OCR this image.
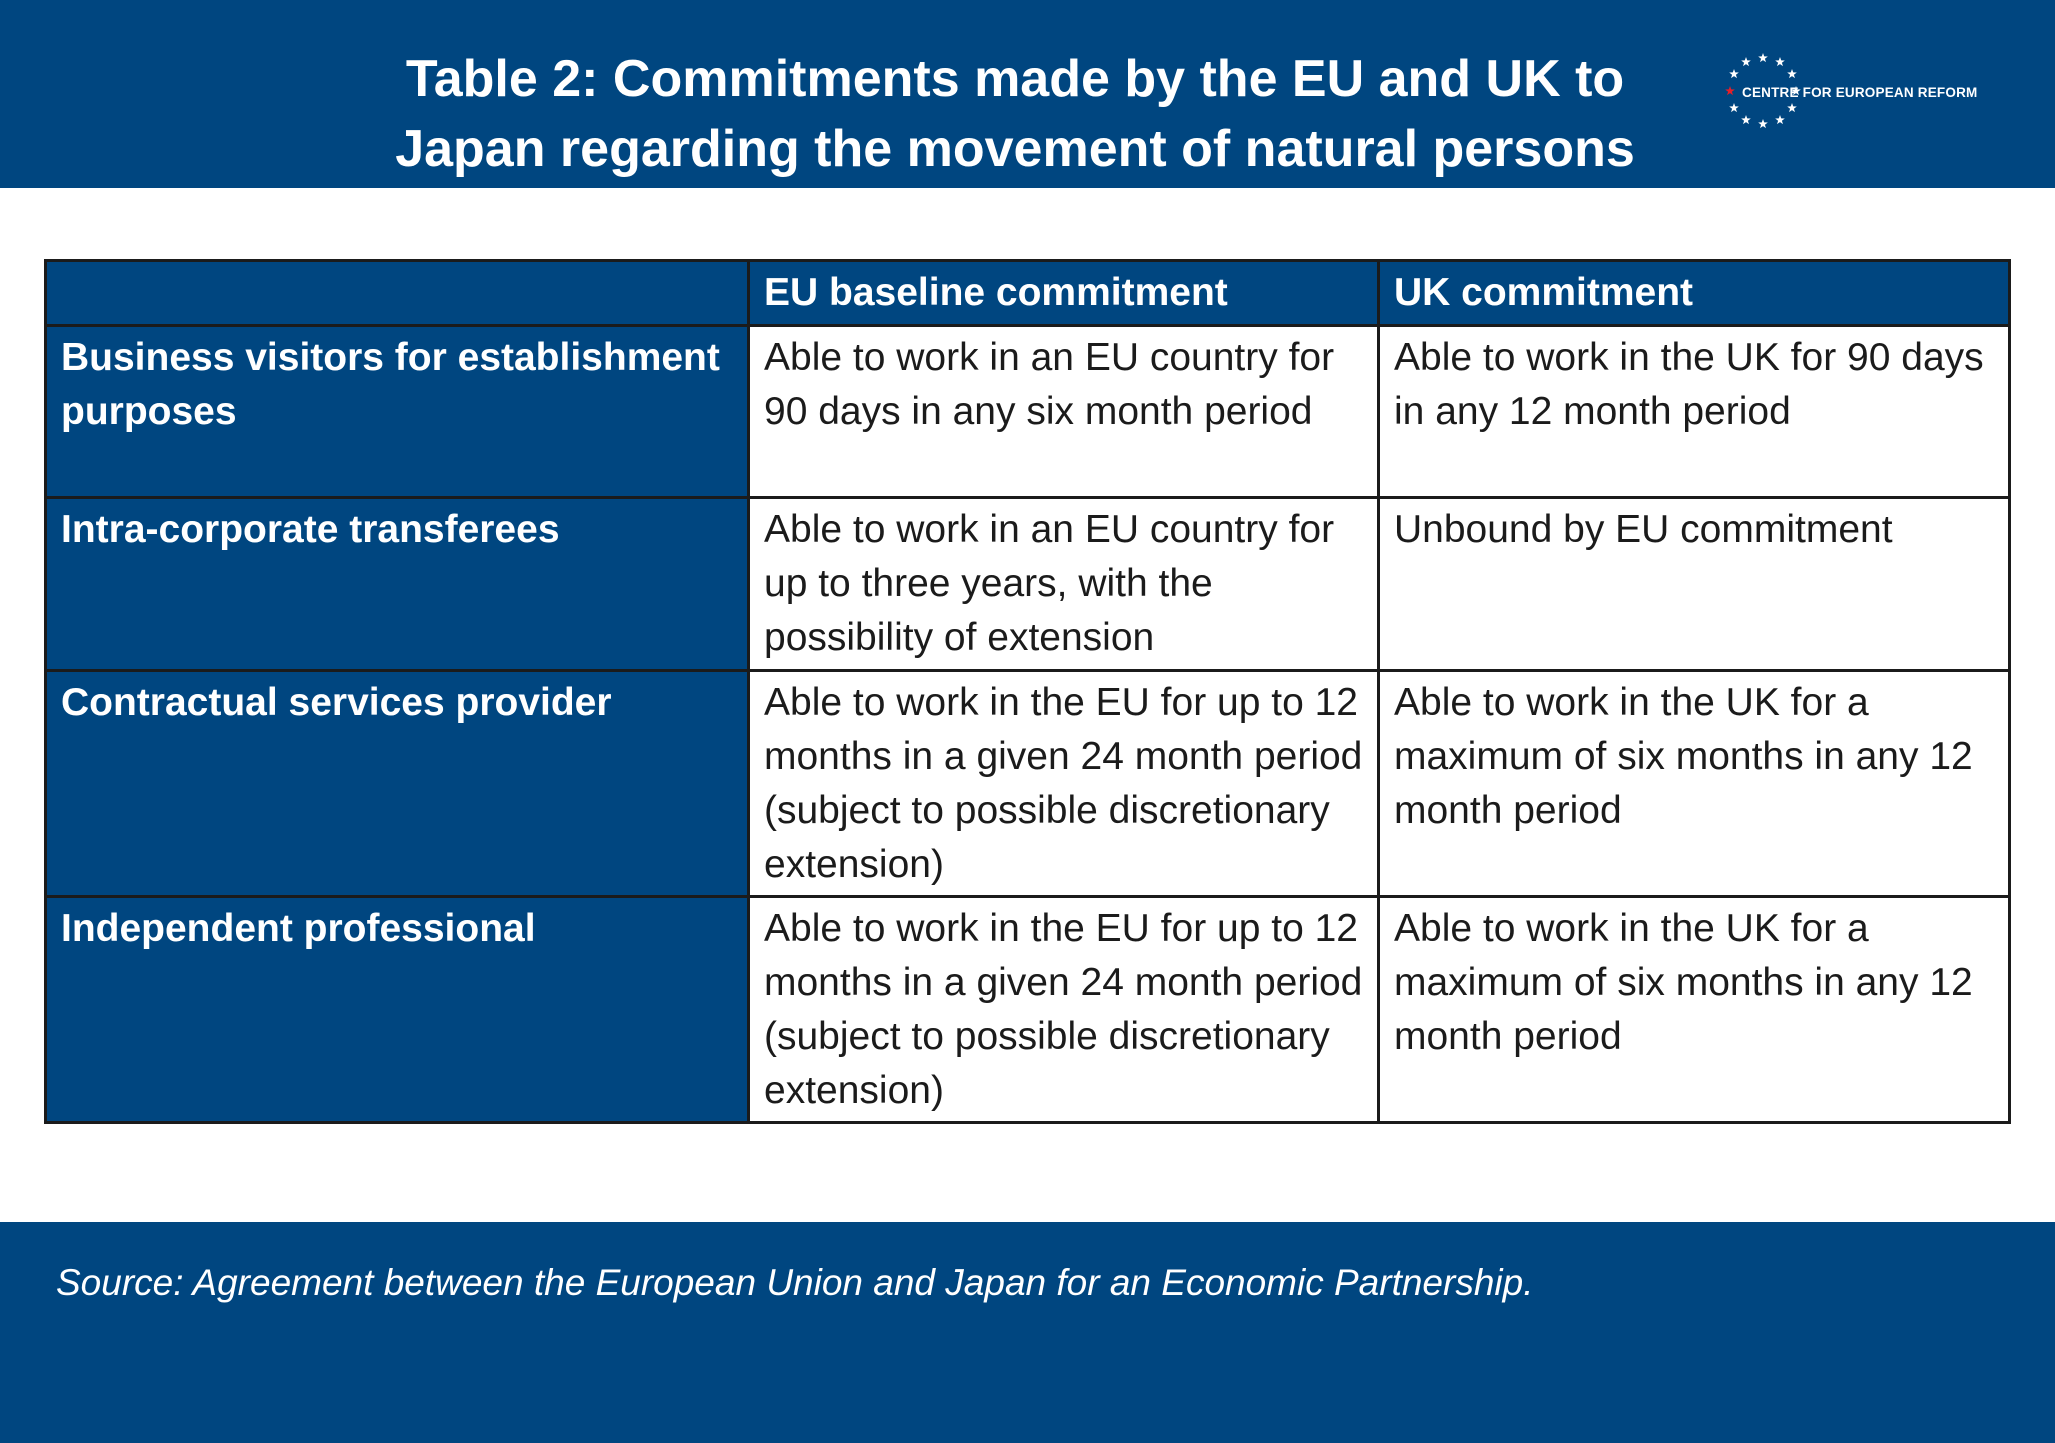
Table 2: Commitments made by the EU and UK to
Japan regarding the movement of natural persons
CENTRE FOR EUROPEAN REFORM
	EU baseline commitment	UK commitment
Business visitors for establishment purposes	Able to work in an EU country for 90 days in any six month period	Able to work in the UK for 90 days in any 12 month period
Intra-corporate transferees	Able to work in an EU country for up to three years, with the possibility of extension	Unbound by EU commitment
Contractual services provider	Able to work in the EU for up to 12 months in a given 24 month period (subject to possible discretionary extension)	Able to work in the UK for a maximum of six months in any 12 month period
Independent professional	Able to work in the EU for up to 12 months in a given 24 month period (subject to possible discretionary extension)	Able to work in the UK for a maximum of six months in any 12 month period
Source: Agreement between the European Union and Japan for an Economic Partnership.
